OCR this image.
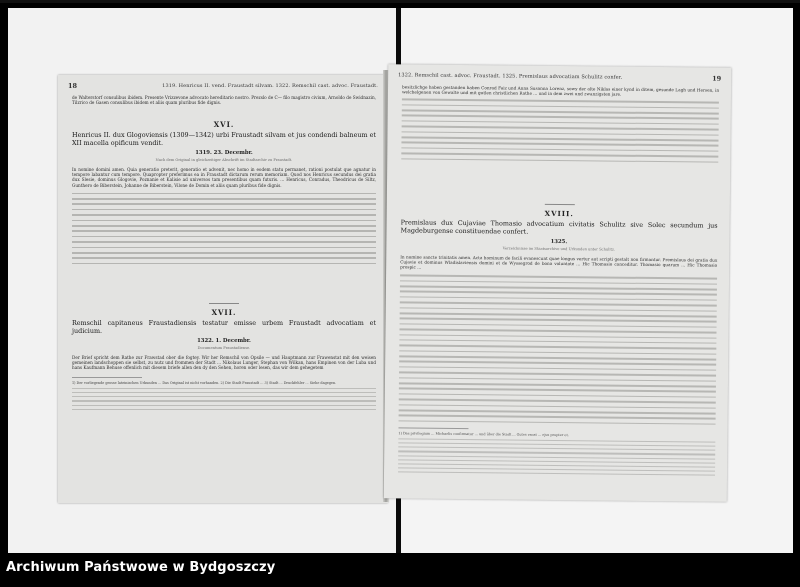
18	1319. Henricus II. vend. Fraustadt silvam. 1322. Remschil cast. advoc. Fraustadt.

de Walterstorf consulibus ibidem. Presente Vrizzevone advocato hereditario nostro. Prezslo de C— filo magistro civium, Arnoldo de Swidnazin, Tilzrico de Gasen consulibus ibidem et aliis quam pluribus fide dignis.

XVI.

Henricus II. dux Glogoviensis (1309—1342) urbi Fraustadt silvam et jus condendi balneum et XII macella opificum vendit.

1319. 23. Decembr.

Nach dem Original in gleichzeitiger Abschrift im Stadtarchiv zu Fraustadt.

In nomine domini amen. Quia generatio preterit, generatio et advenit, nec homo in eodem statu permanet, rationi postulat que agnatur in tempore labantur cum tempore. Quapropter preferimus ea in Fraustadt dictarum rerum memoriam. Quod nos Henricus secundus dei gratia dux Slesie, dominus Glogovie, Poznanie et Kalisie ad universos tam presentibus quam futuris. ... Henricus, Conradus, Theodricus de Siltz, Gunthero de Biberstein, Johanne de Biberstein, Vilone de Domin et aliis quam pluribus fide dignis.

XVII.

Remschil capitaneus Fraustadiensis testatur emisse urbem Fraustadt advocatiam et judicium.

1322. 1. Decembr.

Documentum Fraustadiense.

Der Brief spricht dem Rathe zur Frawstad ober die fogtey. Wir her Remschil von Opsile — und Hauptmann zur Frawenstat mit den weisen gemeinen landschoppen sie selbst, zu nutz und frommen der Stadt ... Nikolaus Lunger, Stephan von Wilkan, hans Empinen von der Luba und hans Kaufmann Behuse offenlich mit diesem briefe allen den dy den Sehen, horen oder lesen, das wir dem gehegetem

1) Der vorliegende grosse lateinischen Urkunden ... Das Original ist nicht vorhanden. 2) Die Stadt Fraustadt ... 3) Stadt ... Druckfehler ... Siehe dagegen.

1322. Remschil cast. advoc. Fraustadt. 1325. Premislaus advocatiam Schulitz confer.	19

besitzlichge haben gestanden haben Conrad Faiz und Anna Susanna Lorenz, sowy der alte Niklas einer kynd in ditem, gesunde Lagh und Hersen, in welchelgenen von Gewalte und mit gutlen christlichen Rathe ... und in dem zwei und zwanzigsten jare.

XVIII.

Premislaus dux Cujaviae Thomasio advocatium civitatis Schulitz sive Solec secundum jus Magdeburgense constituendae confert.

1325.

Verzeichnisse im Staatsarchive und Urkunden unter Schulitz.

In nomine sancte trinitatis amen. Acta hominum de facili evanescunt quae longus vertur aut scripti gestalt non firmantur. Premislaus dei gratia dux Cujavie et dominus Wladislaviensis domini et de Wyssegrod de bona voluntate ... Hic Thomasio conceditur. Thomasio quarum ... Hic Thomasio prospic ...

1) Das privilegium ... Michaelis confirmatur ... und über die Stadt ... Gutes vacat ... ejus propter et.

Archiwum Państwowe w Bydgoszczy
